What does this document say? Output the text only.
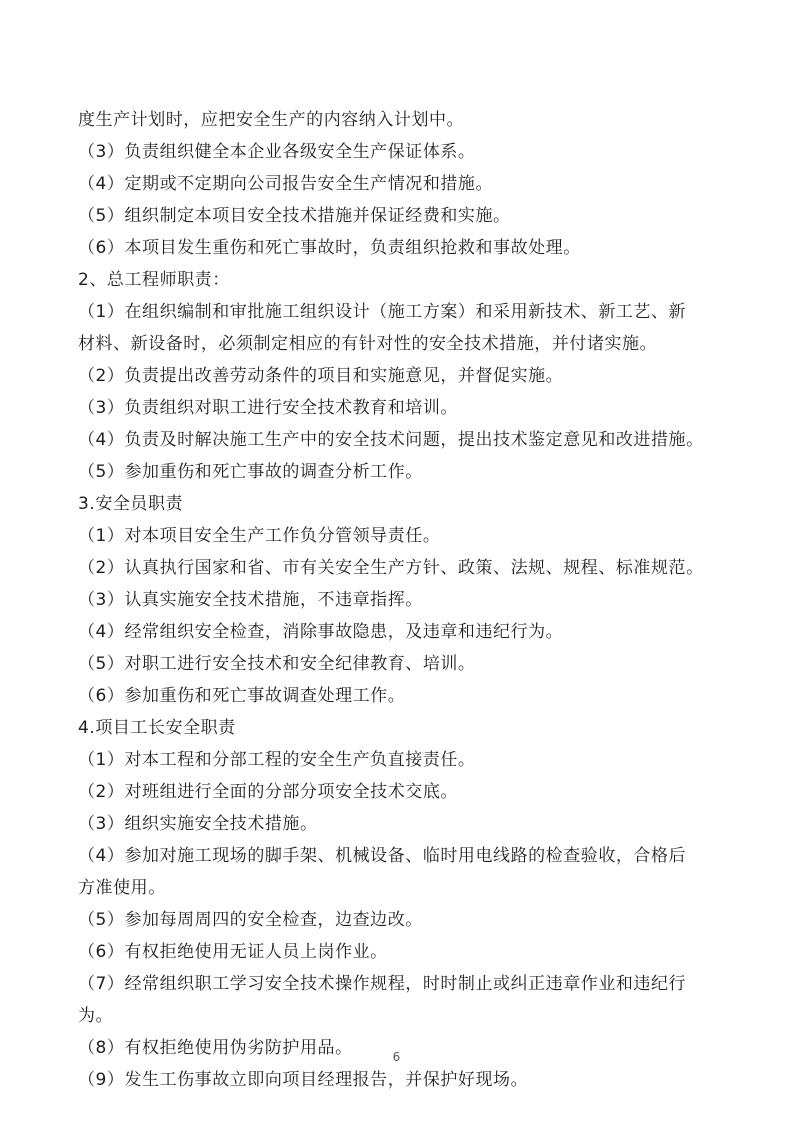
度生产计划时，应把安全生产的内容纳入计划中。
（3）负责组织健全本企业各级安全生产保证体系。
（4）定期或不定期向公司报告安全生产情况和措施。
（5）组织制定本项目安全技术措施并保证经费和实施。
（6）本项目发生重伤和死亡事故时，负责组织抢救和事故处理。
2、总工程师职责：
（1）在组织编制和审批施工组织设计（施工方案）和采用新技术、新工艺、新
材料、新设备时，必须制定相应的有针对性的安全技术措施，并付诸实施。
（2）负责提出改善劳动条件的项目和实施意见，并督促实施。
（3）负责组织对职工进行安全技术教育和培训。
（4）负责及时解决施工生产中的安全技术问题，提出技术鉴定意见和改进措施。
（5）参加重伤和死亡事故的调查分析工作。
3.安全员职责
（1）对本项目安全生产工作负分管领导责任。
（2）认真执行国家和省、市有关安全生产方针、政策、法规、规程、标准规范。
（3）认真实施安全技术措施，不违章指挥。
（4）经常组织安全检查，消除事故隐患，及违章和违纪行为。
（5）对职工进行安全技术和安全纪律教育、培训。
（6）参加重伤和死亡事故调查处理工作。
4.项目工长安全职责
（1）对本工程和分部工程的安全生产负直接责任。
（2）对班组进行全面的分部分项安全技术交底。
（3）组织实施安全技术措施。
（4）参加对施工现场的脚手架、机械设备、临时用电线路的检查验收，合格后
方准使用。
（5）参加每周周四的安全检查，边查边改。
（6）有权拒绝使用无证人员上岗作业。
（7）经常组织职工学习安全技术操作规程，时时制止或纠正违章作业和违纪行
为。
（8）有权拒绝使用伪劣防护用品。
（9）发生工伤事故立即向项目经理报告，并保护好现场。
6
